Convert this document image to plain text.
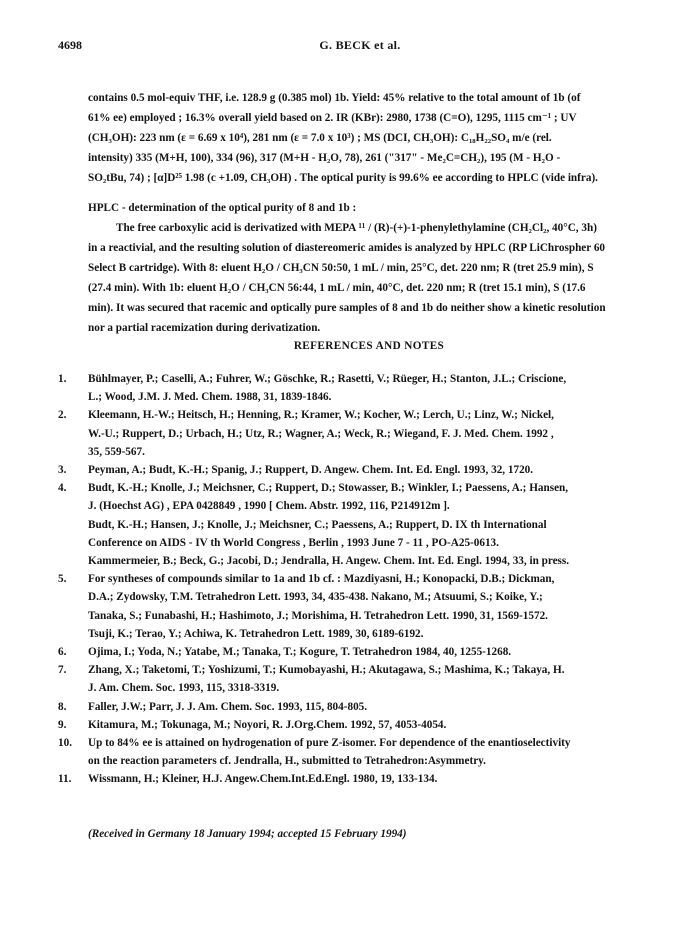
4698	G. BECK et al.

contains 0.5 mol-equiv THF, i.e. 128.9 g (0.385 mol) 1b. Yield: 45% relative to the total amount of 1b (of
61% ee) employed ; 16.3% overall yield based on 2. IR (KBr): 2980, 1738 (C=O), 1295, 1115 cm⁻¹ ; UV
(CH₃OH): 223 nm (ε = 6.69 x 10⁴), 281 nm (ε = 7.0 x 10³) ; MS (DCI, CH₃OH): C₁₈H₂₂SO₄ m/e (rel.
intensity) 335 (M+H, 100), 334 (96), 317 (M+H - H₂O, 78), 261 ("317" - Me₂C=CH₂), 195 (M - H₂O -
SO₂tBu, 74) ; [α]D²⁵ 1.98 (c +1.09, CH₃OH) . The optical purity is 99.6% ee according to HPLC (vide infra).

HPLC - determination of the optical purity of 8 and 1b :

The free carboxylic acid is derivatized with MEPA ¹¹ / (R)-(+)-1-phenylethylamine (CH₂Cl₂, 40°C, 3h)
in a reactivial, and the resulting solution of diastereomeric amides is analyzed by HPLC (RP LiChrospher 60
Select B cartridge). With 8: eluent H₂O / CH₃CN 50:50, 1 mL / min, 25°C, det. 220 nm; R (tret 25.9 min), S
(27.4 min). With 1b: eluent H₂O / CH₃CN 56:44, 1 mL / min, 40°C, det. 220 nm; R (tret 15.1 min), S (17.6
min). It was secured that racemic and optically pure samples of 8 and 1b do neither show a kinetic resolution
nor a partial racemization during derivatization.

REFERENCES AND NOTES
1.	Bühlmayer, P.; Caselli, A.; Fuhrer, W.; Göschke, R.; Rasetti, V.; Rüeger, H.; Stanton, J.L.; Criscione,
L.; Wood, J.M. J. Med. Chem. 1988, 31, 1839-1846.
2.	Kleemann, H.-W.; Heitsch, H.; Henning, R.; Kramer, W.; Kocher, W.; Lerch, U.; Linz, W.; Nickel,
W.-U.; Ruppert, D.; Urbach, H.; Utz, R.; Wagner, A.; Weck, R.; Wiegand, F. J. Med. Chem. 1992 ,
35, 559-567.
3.	Peyman, A.; Budt, K.-H.; Spanig, J.; Ruppert, D. Angew. Chem. Int. Ed. Engl. 1993, 32, 1720.
4.	Budt, K.-H.; Knolle, J.; Meichsner, C.; Ruppert, D.; Stowasser, B.; Winkler, I.; Paessens, A.; Hansen,
J. (Hoechst AG) , EPA 0428849 , 1990 [ Chem. Abstr. 1992, 116, P214912m ].
Budt, K.-H.; Hansen, J.; Knolle, J.; Meichsner, C.; Paessens, A.; Ruppert, D. IX th International
Conference on AIDS - IV th World Congress , Berlin , 1993 June 7 - 11 , PO-A25-0613.
Kammermeier, B.; Beck, G.; Jacobi, D.; Jendralla, H. Angew. Chem. Int. Ed. Engl. 1994, 33, in press.
5.	For syntheses of compounds similar to 1a and 1b cf. : Mazdiyasni, H.; Konopacki, D.B.; Dickman,
D.A.; Zydowsky, T.M. Tetrahedron Lett. 1993, 34, 435-438. Nakano, M.; Atsuumi, S.; Koike, Y.;
Tanaka, S.; Funabashi, H.; Hashimoto, J.; Morishima, H. Tetrahedron Lett. 1990, 31, 1569-1572.
Tsuji, K.; Terao, Y.; Achiwa, K. Tetrahedron Lett. 1989, 30, 6189-6192.
6.	Ojima, I.; Yoda, N.; Yatabe, M.; Tanaka, T.; Kogure, T. Tetrahedron 1984, 40, 1255-1268.
7.	Zhang, X.; Taketomi, T.; Yoshizumi, T.; Kumobayashi, H.; Akutagawa, S.; Mashima, K.; Takaya, H.
J. Am. Chem. Soc. 1993, 115, 3318-3319.
8.	Faller, J.W.; Parr, J. J. Am. Chem. Soc. 1993, 115, 804-805.
9.	Kitamura, M.; Tokunaga, M.; Noyori, R. J.Org.Chem. 1992, 57, 4053-4054.
10.	Up to 84% ee is attained on hydrogenation of pure Z-isomer. For dependence of the enantioselectivity
on the reaction parameters cf. Jendralla, H., submitted to Tetrahedron:Asymmetry.
11.	Wissmann, H.; Kleiner, H.J. Angew.Chem.Int.Ed.Engl. 1980, 19, 133-134.
(Received in Germany 18 January 1994; accepted 15 February 1994)
